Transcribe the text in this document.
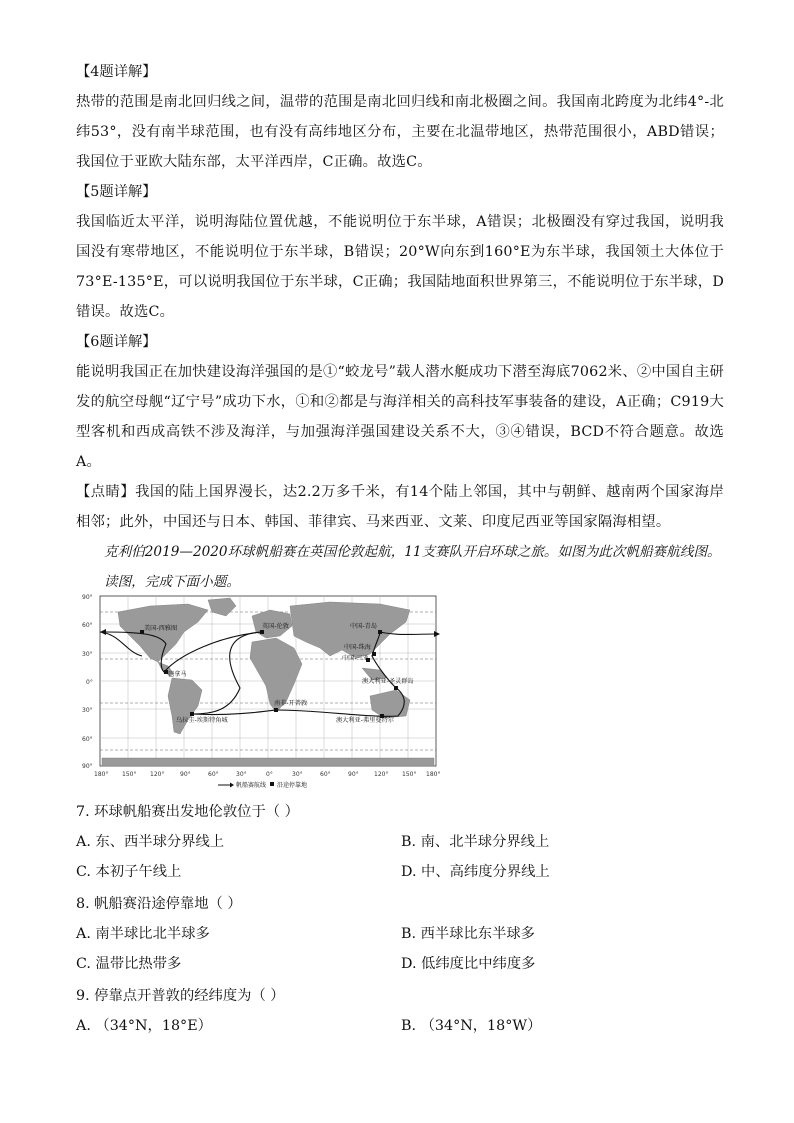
【4题详解】

热带的范围是南北回归线之间，温带的范围是南北回归线和南北极圈之间。我国南北跨度为北纬4°-北纬53°，没有南半球范围，也有没有高纬地区分布，主要在北温带地区，热带范围很小，ABD错误；我国位于亚欧大陆东部，太平洋西岸，C正确。故选C。

【5题详解】

我国临近太平洋，说明海陆位置优越，不能说明位于东半球，A错误；北极圈没有穿过我国，说明我国没有寒带地区，不能说明位于东半球，B错误；20°W向东到160°E为东半球，我国领土大体位于73°E-135°E，可以说明我国位于东半球，C正确；我国陆地面积世界第三，不能说明位于东半球，D错误。故选C。

【6题详解】

能说明我国正在加快建设海洋强国的是①“蛟龙号”载人潜水艇成功下潜至海底7062米、②中国自主研发的航空母舰“辽宁号”成功下水，①和②都是与海洋相关的高科技军事装备的建设，A正确；C919大型客机和西成高铁不涉及海洋，与加强海洋强国建设关系不大，③④错误，BCD不符合题意。故选A。

【点睛】我国的陆上国界漫长，达2.2万多千米，有14个陆上邻国，其中与朝鲜、越南两个国家海岸相邻；此外，中国还与日本、韩国、菲律宾、马来西亚、文莱、印度尼西亚等国家隔海相望。

克利伯2019—2020环球帆船赛在英国伦敦起航，11支赛队开启环球之旅。如图为此次帆船赛航线图。读图，完成下面小题。

美国-西雅图	英国-伦敦	中国-青岛
中国-珠海
中国-三亚
巴拿马
澳大利亚-圣灵群岛
南非-开普敦
乌拉圭-埃斯特角城	澳大利亚-弗里曼特尔
90°
60°
30°
0°
30°
60°
90°
180° 150° 120°	90°	60°	30°	0°	30°	60°	90°	120° 150° 180°
帆船赛航线 沿途停靠地

7. 环球帆船赛出发地伦敦位于（ ）

A. 东、西半球分界线上	B. 南、北半球分界线上
C. 本初子午线上	D. 中、高纬度分界线上

8. 帆船赛沿途停靠地（ ）

A. 南半球比北半球多	B. 西半球比东半球多
C. 温带比热带多	D. 低纬度比中纬度多

9. 停靠点开普敦的经纬度为（ ）

A. （34°N，18°E）	B. （34°N，18°W）
